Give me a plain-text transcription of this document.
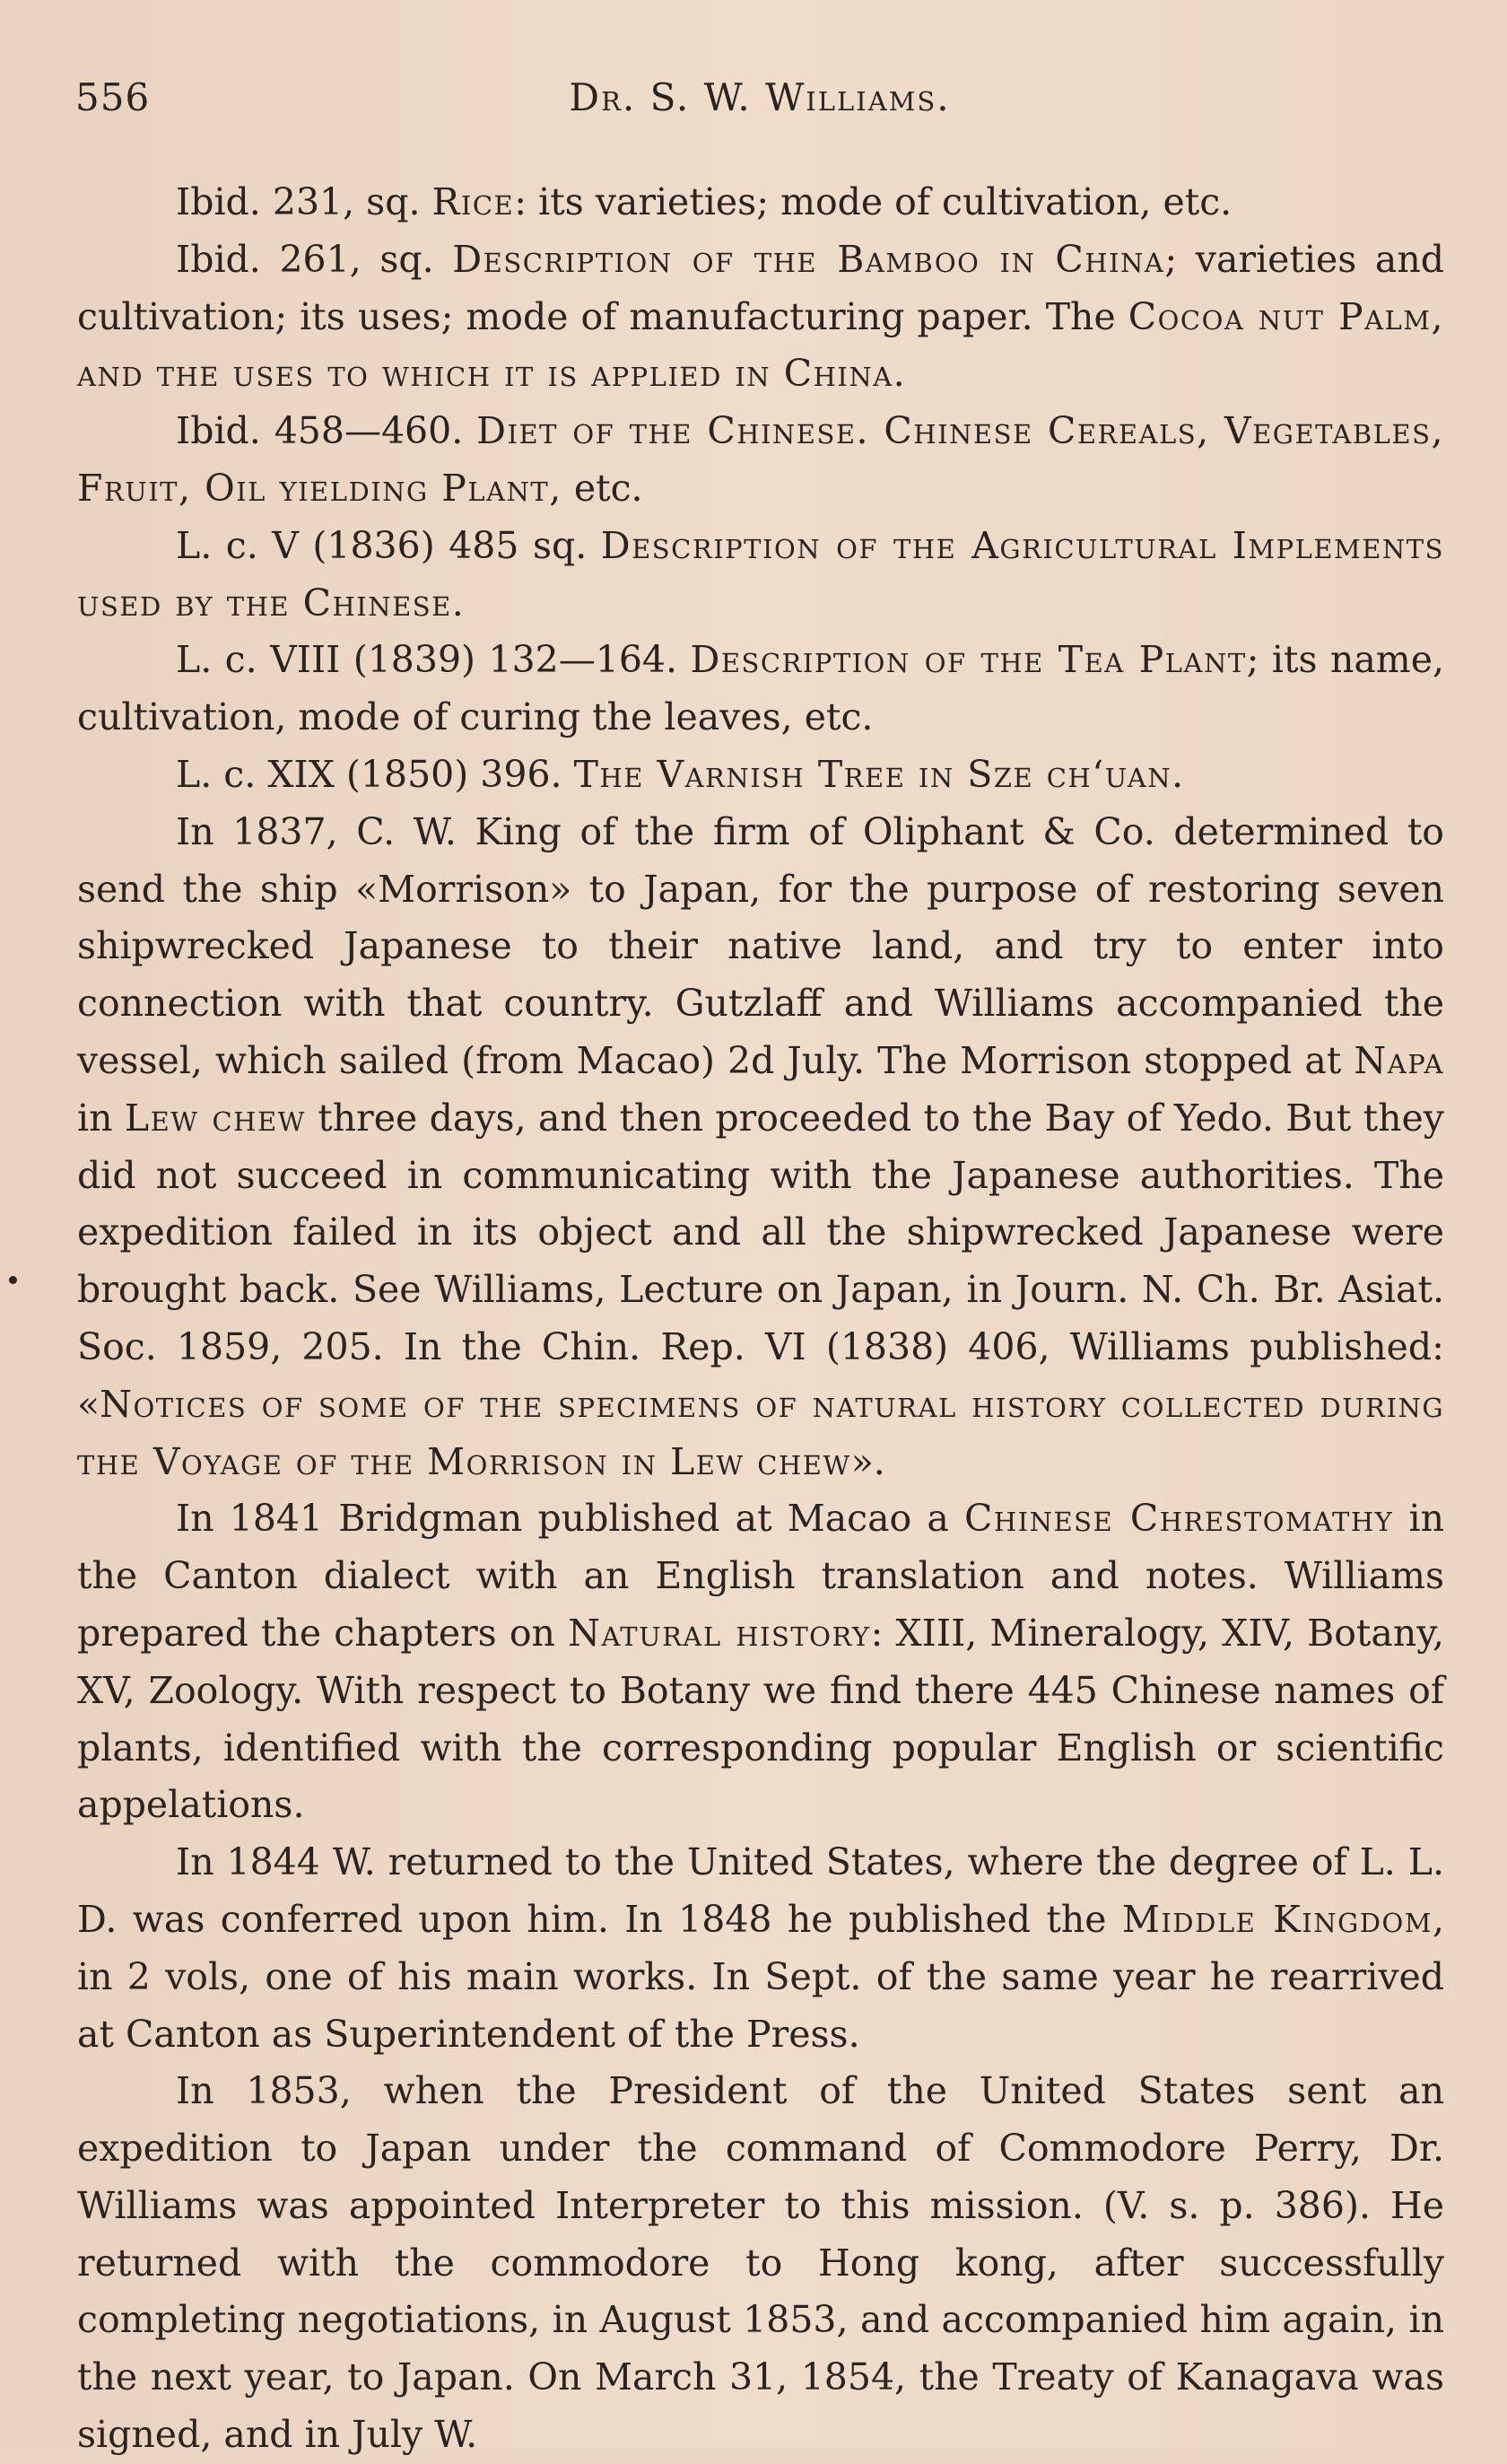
556	Dr. S. W. Williams.

Ibid. 231, sq. Rice: its varieties; mode of cultivation, etc.

Ibid. 261, sq. Description of the Bamboo in China; varieties and cultivation; its uses; mode of manufacturing paper. The Cocoa nut Palm, and the uses to which it is applied in China.

Ibid. 458—460. Diet of the Chinese. Chinese Cereals, Vegetables, Fruit, Oil yielding Plant, etc.

L. c. V (1836) 485 sq. Description of the Agricultural Implements used by the Chinese.

L. c. VIII (1839) 132—164. Description of the Tea Plant; its name, cultivation, mode of curing the leaves, etc.

L. c. XIX (1850) 396. The Varnish Tree in Sze chʻuan.

In 1837, C. W. King of the firm of Oliphant & Co. determined to send the ship «Morrison» to Japan, for the purpose of restoring seven shipwrecked Japanese to their native land, and try to enter into connection with that country. Gutzlaff and Williams accompanied the vessel, which sailed (from Macao) 2d July. The Morrison stopped at Napa in Lew chew three days, and then proceeded to the Bay of Yedo. But they did not succeed in communicating with the Japanese authorities. The expedition failed in its object and all the shipwrecked Japanese were brought back. See Williams, Lecture on Japan, in Journ. N. Ch. Br. Asiat. Soc. 1859, 205. In the Chin. Rep. VI (1838) 406, Williams published: «Notices of some of the specimens of natural history collected during the Voyage of the Morrison in Lew chew».

In 1841 Bridgman published at Macao a Chinese Chrestomathy in the Canton dialect with an English translation and notes. Williams prepared the chapters on Natural history: XIII, Mineralogy, XIV, Botany, XV, Zoology. With respect to Botany we find there 445 Chinese names of plants, identified with the corresponding popular English or scientific appelations.

In 1844 W. returned to the United States, where the degree of L. L. D. was conferred upon him. In 1848 he published the Middle Kingdom, in 2 vols, one of his main works. In Sept. of the same year he rearrived at Canton as Superintendent of the Press.

In 1853, when the President of the United States sent an expedition to Japan under the command of Commodore Perry, Dr. Williams was appointed Interpreter to this mission. (V. s. p. 386). He returned with the commodore to Hong kong, after successfully completing negotiations, in August 1853, and accompanied him again, in the next year, to Japan. On March 31, 1854, the Treaty of Kanagava was signed, and in July W.
